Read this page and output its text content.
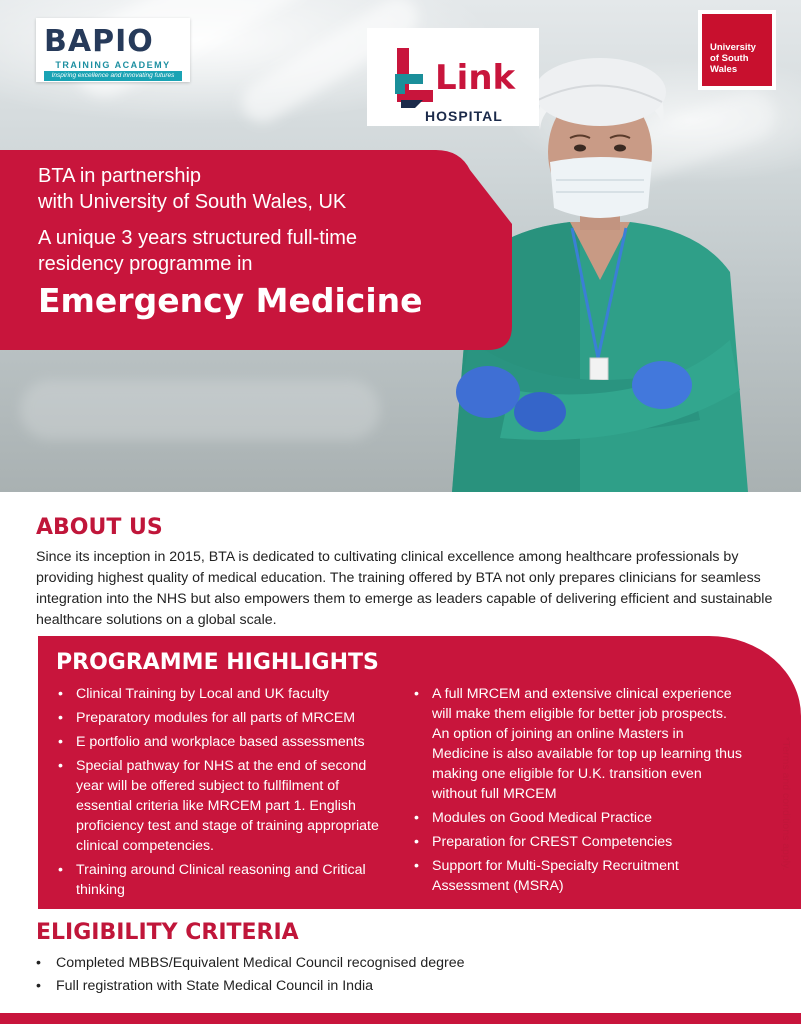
BTA in partnership
with University of South Wales, UK
A unique 3 years structured full-time
residency programme in
Emergency Medicine
BAPIO
TRAINING ACADEMY
Inspiring excellence and innovating futures	Link
HOSPITAL
University
of South
Wales
ABOUT US
Since its inception in 2015, BTA is dedicated to cultivating clinical excellence among healthcare professionals by providing highest quality of medical education. The training offered by BTA not only prepares clinicians for seamless integration into the NHS but also empowers them to emerge as leaders capable of delivering efficient and sustainable healthcare solutions on a global scale.
PROGRAMME HIGHLIGHTS
• Clinical Training by Local and UK faculty
• Preparatory modules for all parts of MRCEM
• E portfolio and workplace based assessments
• Special pathway for NHS at the end of second year will be offered subject to fullfilment of essential criteria like MRCEM part 1. English proficiency test and stage of training appropriate clinical competencies.
• Training around Clinical reasoning and Critical thinking
• A full MRCEM and extensive clinical experience will make them eligible for better job prospects. An option of joining an online Masters in Medicine is also available for top up learning thus making one eligible for U.K. transition even without full MRCEM
• Modules on Good Medical Practice
• Preparation for CREST Competencies
• Support for Multi-Specialty Recruitment Assessment (MSRA)
*Terms and conditions apply.
ELIGIBILITY CRITERIA
• Completed MBBS/Equivalent Medical Council recognised degree
• Full registration with State Medical Council in India
